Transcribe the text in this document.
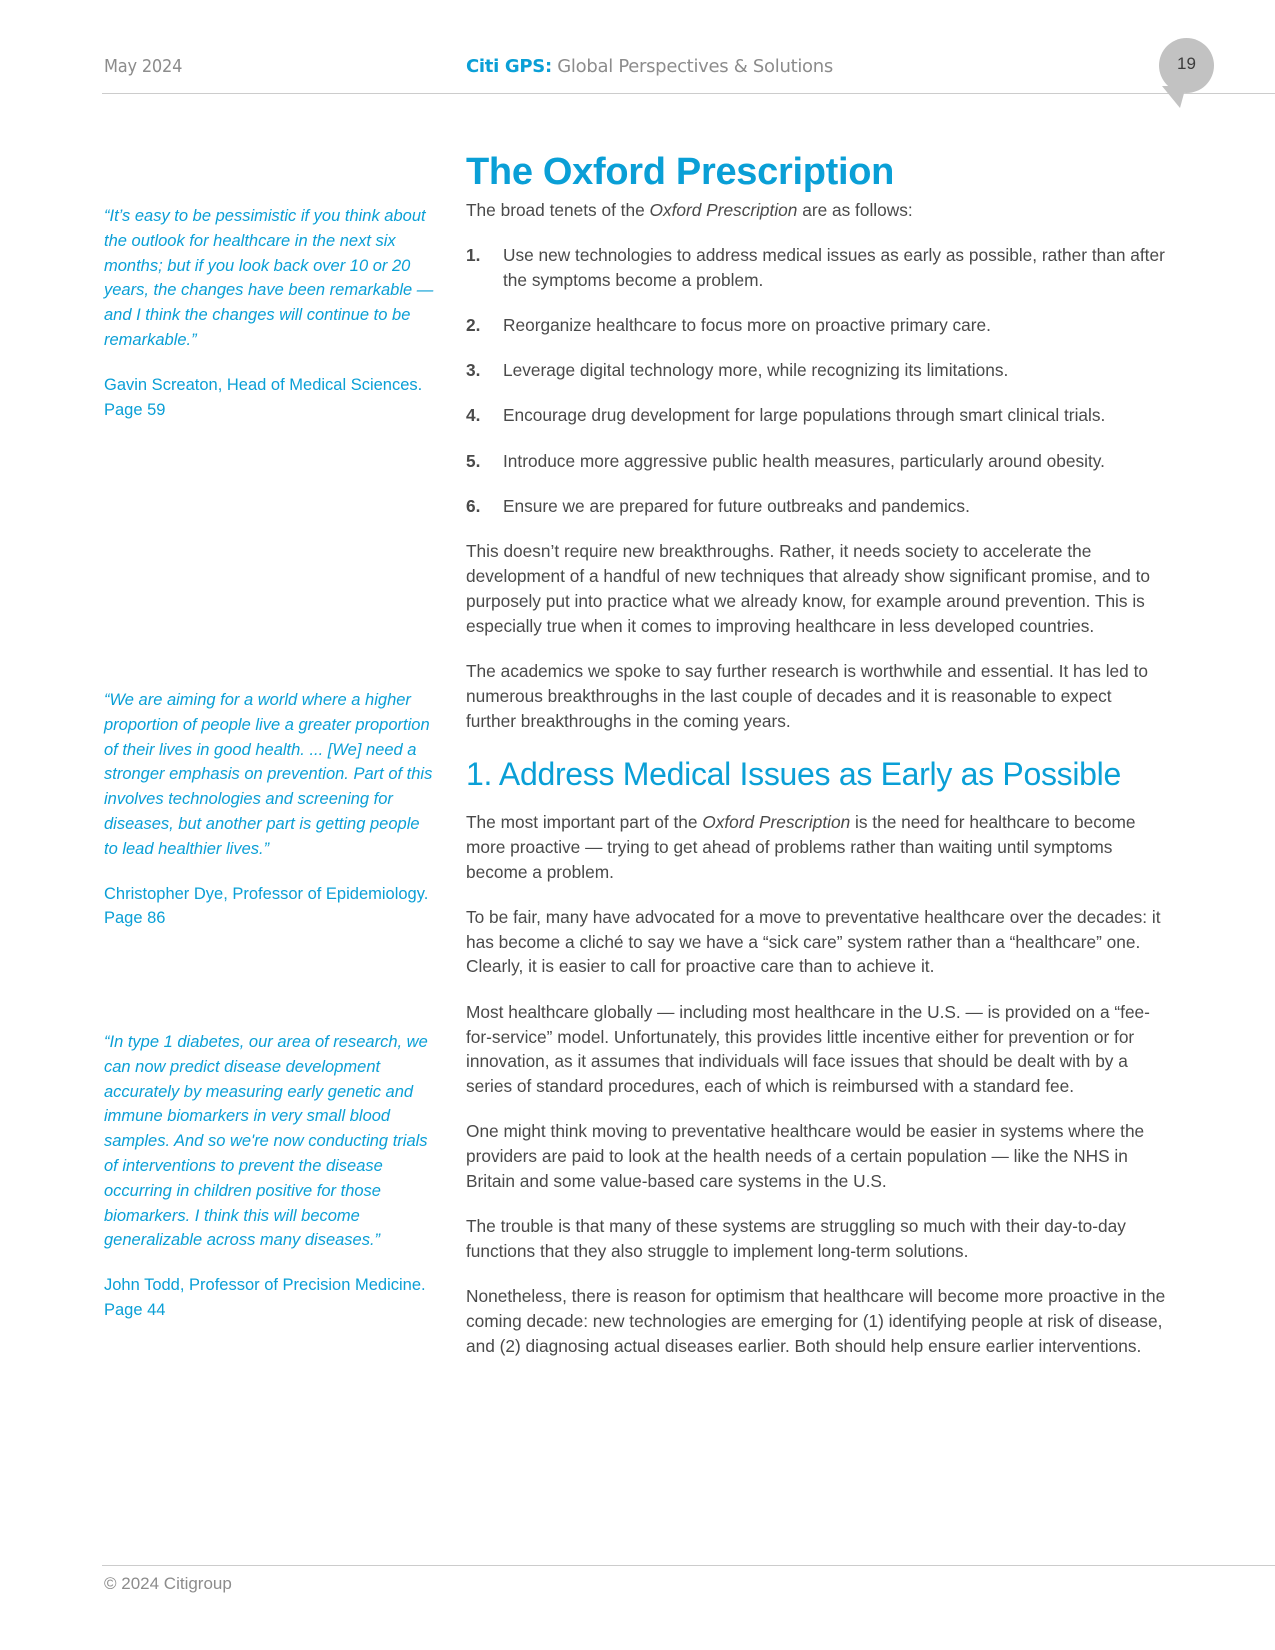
May 2024	Citi GPS: Global Perspectives & Solutions	19
“It’s easy to be pessimistic if you think about the outlook for healthcare in the next six months; but if you look back over 10 or 20 years, the changes have been remarkable — and I think the changes will continue to be remarkable.”
Gavin Screaton, Head of Medical Sciences.
Page 59
“We are aiming for a world where a higher proportion of people live a greater proportion of their lives in good health. ... [We] need a stronger emphasis on prevention. Part of this involves technologies and screening for diseases, but another part is getting people to lead healthier lives.”
Christopher Dye, Professor of Epidemiology.
Page 86
“In type 1 diabetes, our area of research, we can now predict disease development accurately by measuring early genetic and immune biomarkers in very small blood samples. And so we're now conducting trials of interventions to prevent the disease occurring in children positive for those biomarkers. I think this will become generalizable across many diseases.”
John Todd, Professor of Precision Medicine.
Page 44
The Oxford Prescription

The broad tenets of the Oxford Prescription are as follows:

1.	Use new technologies to address medical issues as early as possible, rather than after the symptoms become a problem.
2.	Reorganize healthcare to focus more on proactive primary care.
3.	Leverage digital technology more, while recognizing its limitations.
4.	Encourage drug development for large populations through smart clinical trials.
5.	Introduce more aggressive public health measures, particularly around obesity.
6.	Ensure we are prepared for future outbreaks and pandemics.

This doesn’t require new breakthroughs. Rather, it needs society to accelerate the development of a handful of new techniques that already show significant promise, and to purposely put into practice what we already know, for example around prevention. This is especially true when it comes to improving healthcare in less developed countries.

The academics we spoke to say further research is worthwhile and essential. It has led to numerous breakthroughs in the last couple of decades and it is reasonable to expect further breakthroughs in the coming years.

1. Address Medical Issues as Early as Possible

The most important part of the Oxford Prescription is the need for healthcare to become more proactive — trying to get ahead of problems rather than waiting until symptoms become a problem.

To be fair, many have advocated for a move to preventative healthcare over the decades: it has become a cliché to say we have a “sick care” system rather than a “healthcare” one. Clearly, it is easier to call for proactive care than to achieve it.

Most healthcare globally — including most healthcare in the U.S. — is provided on a “fee-for-service” model. Unfortunately, this provides little incentive either for prevention or for innovation, as it assumes that individuals will face issues that should be dealt with by a series of standard procedures, each of which is reimbursed with a standard fee.

One might think moving to preventative healthcare would be easier in systems where the providers are paid to look at the health needs of a certain population — like the NHS in Britain and some value-based care systems in the U.S.

The trouble is that many of these systems are struggling so much with their day-to-day functions that they also struggle to implement long-term solutions.

Nonetheless, there is reason for optimism that healthcare will become more proactive in the coming decade: new technologies are emerging for (1) identifying people at risk of disease, and (2) diagnosing actual diseases earlier. Both should help ensure earlier interventions.

© 2024 Citigroup
